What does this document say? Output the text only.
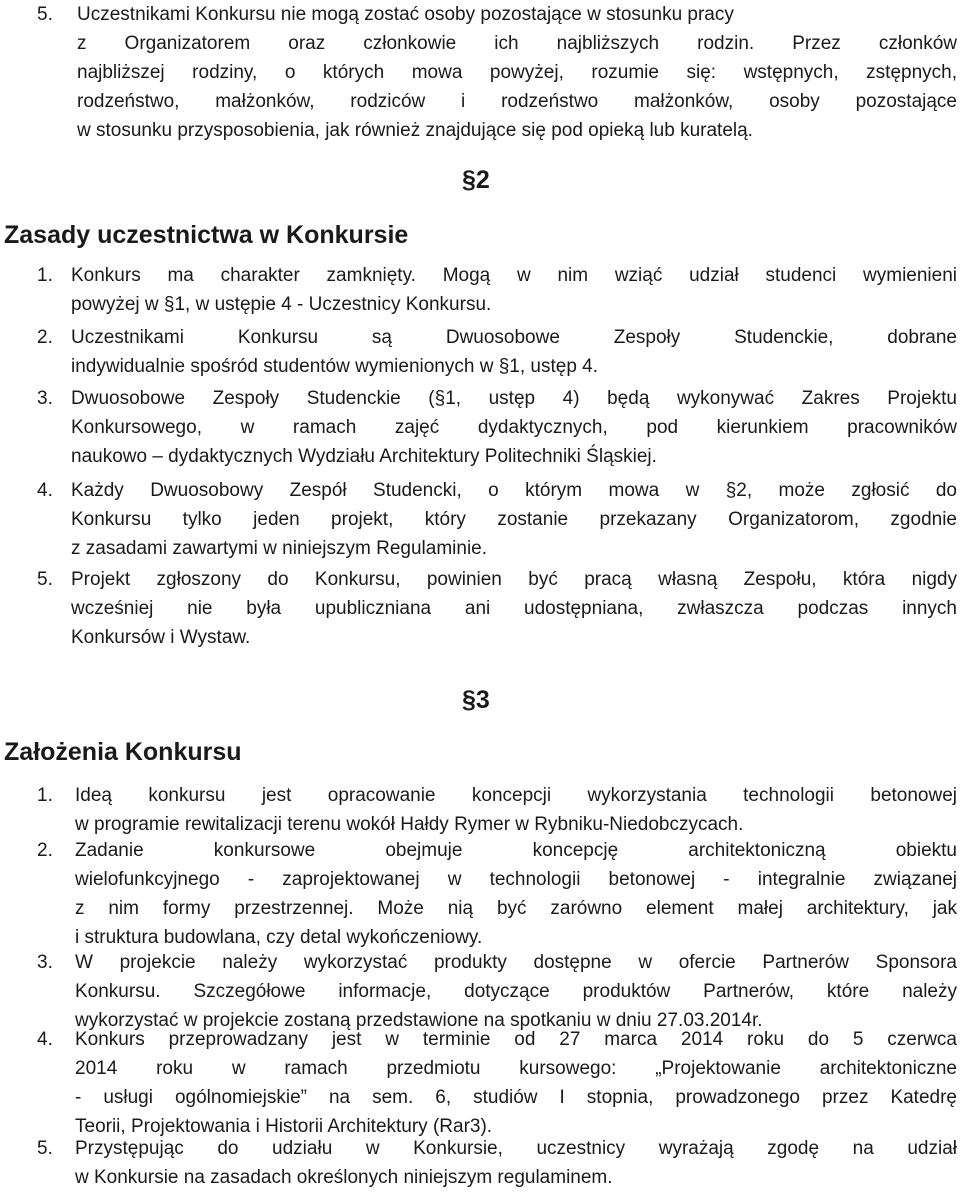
5. Uczestnikami Konkursu nie mogą zostać osoby pozostające w stosunku pracy
z Organizatorem oraz członkowie ich najbliższych rodzin. Przez członków
najbliższej rodziny, o których mowa powyżej, rozumie się: wstępnych, zstępnych,
rodzeństwo, małżonków, rodziców i rodzeństwo małżonków, osoby pozostające
w stosunku przysposobienia, jak również znajdujące się pod opieką lub kuratelą.
§2
Zasady uczestnictwa w Konkursie
1. Konkurs ma charakter zamknięty. Mogą w nim wziąć udział studenci wymienieni
powyżej w §1, w ustępie 4 - Uczestnicy Konkursu.
2. Uczestnikami Konkursu są Dwuosobowe Zespoły Studenckie, dobrane
indywidualnie spośród studentów wymienionych w §1, ustęp 4.
3. Dwuosobowe Zespoły Studenckie (§1, ustęp 4) będą wykonywać Zakres Projektu
Konkursowego, w ramach zajęć dydaktycznych, pod kierunkiem pracowników
naukowo – dydaktycznych Wydziału Architektury Politechniki Śląskiej.
4. Każdy Dwuosobowy Zespół Studencki, o którym mowa w §2, może zgłosić do
Konkursu tylko jeden projekt, który zostanie przekazany Organizatorom, zgodnie
z zasadami zawartymi w niniejszym Regulaminie.
5. Projekt zgłoszony do Konkursu, powinien być pracą własną Zespołu, która nigdy
wcześniej nie była upubliczniana ani udostępniana, zwłaszcza podczas innych
Konkursów i Wystaw.
§3
Założenia Konkursu
1. Ideą konkursu jest opracowanie koncepcji wykorzystania technologii betonowej
w programie rewitalizacji terenu wokół Hałdy Rymer w Rybniku-Niedobczycach.
2. Zadanie konkursowe obejmuje koncepcję architektoniczną obiektu
wielofunkcyjnego - zaprojektowanej w technologii betonowej - integralnie związanej
z nim formy przestrzennej. Może nią być zarówno element małej architektury, jak
i struktura budowlana, czy detal wykończeniowy.
3. W projekcie należy wykorzystać produkty dostępne w ofercie Partnerów Sponsora
Konkursu. Szczegółowe informacje, dotyczące produktów Partnerów, które należy
wykorzystać w projekcie zostaną przedstawione na spotkaniu w dniu 27.03.2014r.
4. Konkurs przeprowadzany jest w terminie od 27 marca 2014 roku do 5 czerwca
2014 roku w ramach przedmiotu kursowego: „Projektowanie architektoniczne
- usługi ogólnomiejskie” na sem. 6, studiów I stopnia, prowadzonego przez Katedrę
Teorii, Projektowania i Historii Architektury (Rar3).
5. Przystępując do udziału w Konkursie, uczestnicy wyrażają zgodę na udział
w Konkursie na zasadach określonych niniejszym regulaminem.
